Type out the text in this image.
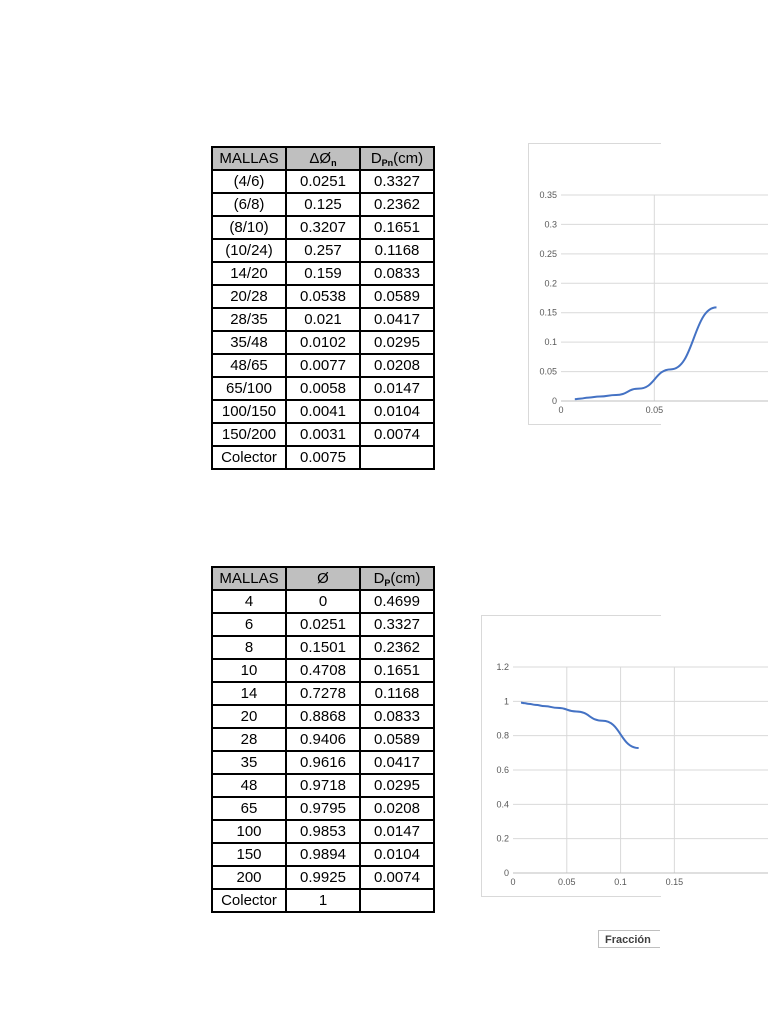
MALLAS	$\Delta Ø_n$	$D_{Pn}(cm)$
(4/6)	0.0251	0.3327
(6/8)	0.125	0.2362
(8/10)	0.3207	0.1651
(10/24)	0.257	0.1168
14/20	0.159	0.0833
20/28	0.0538	0.0589
28/35	0.021	0.0417
35/48	0.0102	0.0295
48/65	0.0077	0.0208
65/100	0.0058	0.0147
100/150	0.0041	0.0104
150/200	0.0031	0.0074
Colector	0.0075	
MALLAS	Ø	$D_P(cm)$
4	0	0.4699
6	0.0251	0.3327
8	0.1501	0.2362
10	0.4708	0.1651
14	0.7278	0.1168
20	0.8868	0.0833
28	0.9406	0.0589
35	0.9616	0.0417
48	0.9718	0.0295
65	0.9795	0.0208
100	0.9853	0.0147
150	0.9894	0.0104
200	0.9925	0.0074
Colector	1	
0
0.05
0.1
0.15
0.2
0.25
0.3
0.35
0	0.05
0
0.2
0.4
0.6
0.8
1
1.2
0	0.05	0.1	0.15
Fracción
